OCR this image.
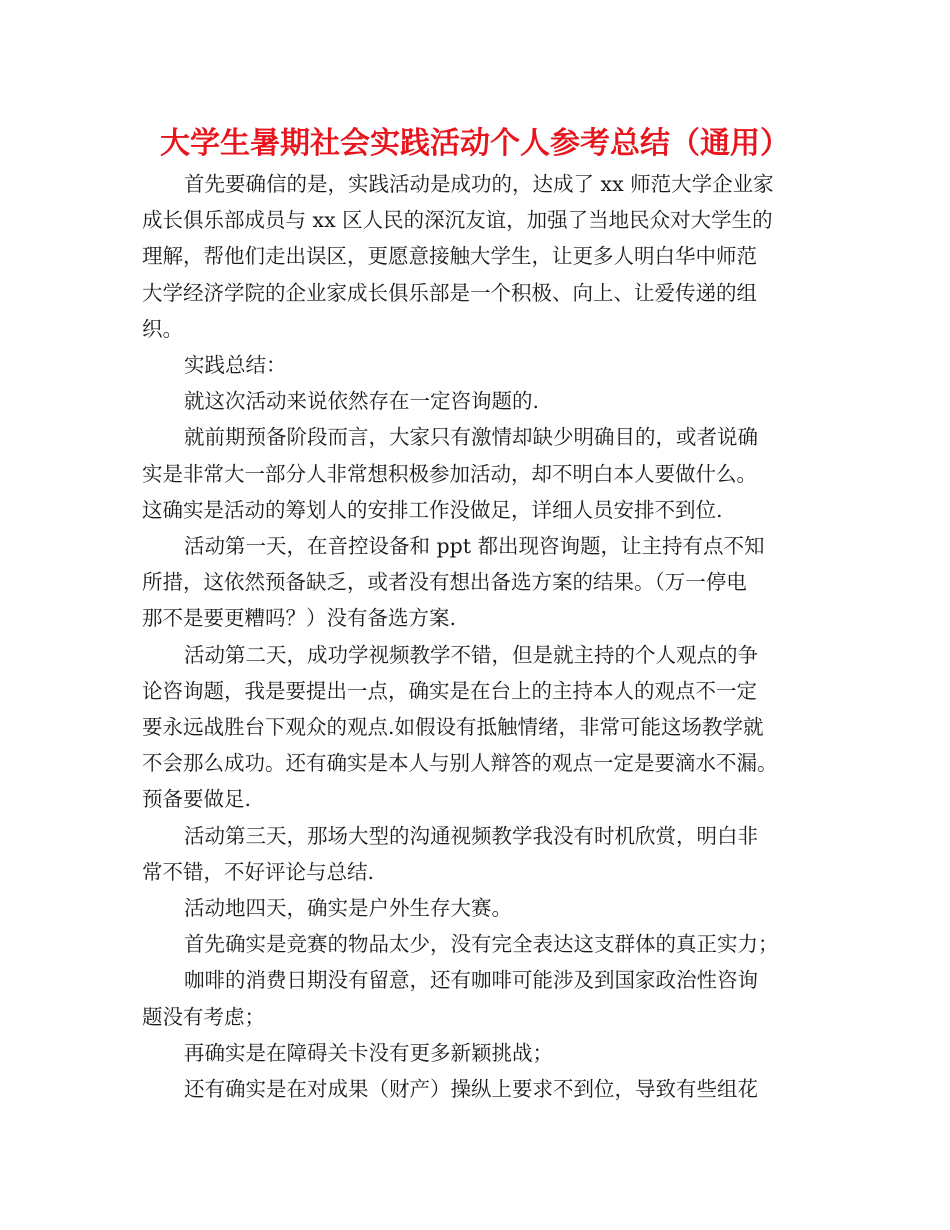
大学生暑期社会实践活动个人参考总结（通用）

首先要确信的是，实践活动是成功的，达成了 xx 师范大学企业家
成长俱乐部成员与 xx 区人民的深沉友谊，加强了当地民众对大学生的
理解，帮他们走出误区，更愿意接触大学生，让更多人明白华中师范
大学经济学院的企业家成长俱乐部是一个积极、向上、让爱传递的组
织。

实践总结：

就这次活动来说依然存在一定咨询题的.

就前期预备阶段而言，大家只有激情却缺少明确目的，或者说确
实是非常大一部分人非常想积极参加活动，却不明白本人要做什么。
这确实是活动的筹划人的安排工作没做足，详细人员安排不到位.

活动第一天，在音控设备和 ppt 都出现咨询题，让主持有点不知
所措，这依然预备缺乏，或者没有想出备选方案的结果。（万一停电
那不是要更糟吗？）没有备选方案.

活动第二天，成功学视频教学不错，但是就主持的个人观点的争
论咨询题，我是要提出一点，确实是在台上的主持本人的观点不一定
要永远战胜台下观众的观点.如假设有抵触情绪，非常可能这场教学就
不会那么成功。还有确实是本人与别人辩答的观点一定是要滴水不漏。
预备要做足.

活动第三天，那场大型的沟通视频教学我没有时机欣赏，明白非
常不错，不好评论与总结.

活动地四天，确实是户外生存大赛。

首先确实是竞赛的物品太少，没有完全表达这支群体的真正实力；

咖啡的消费日期没有留意，还有咖啡可能涉及到国家政治性咨询
题没有考虑；

再确实是在障碍关卡没有更多新颖挑战；

还有确实是在对成果（财产）操纵上要求不到位，导致有些组花
